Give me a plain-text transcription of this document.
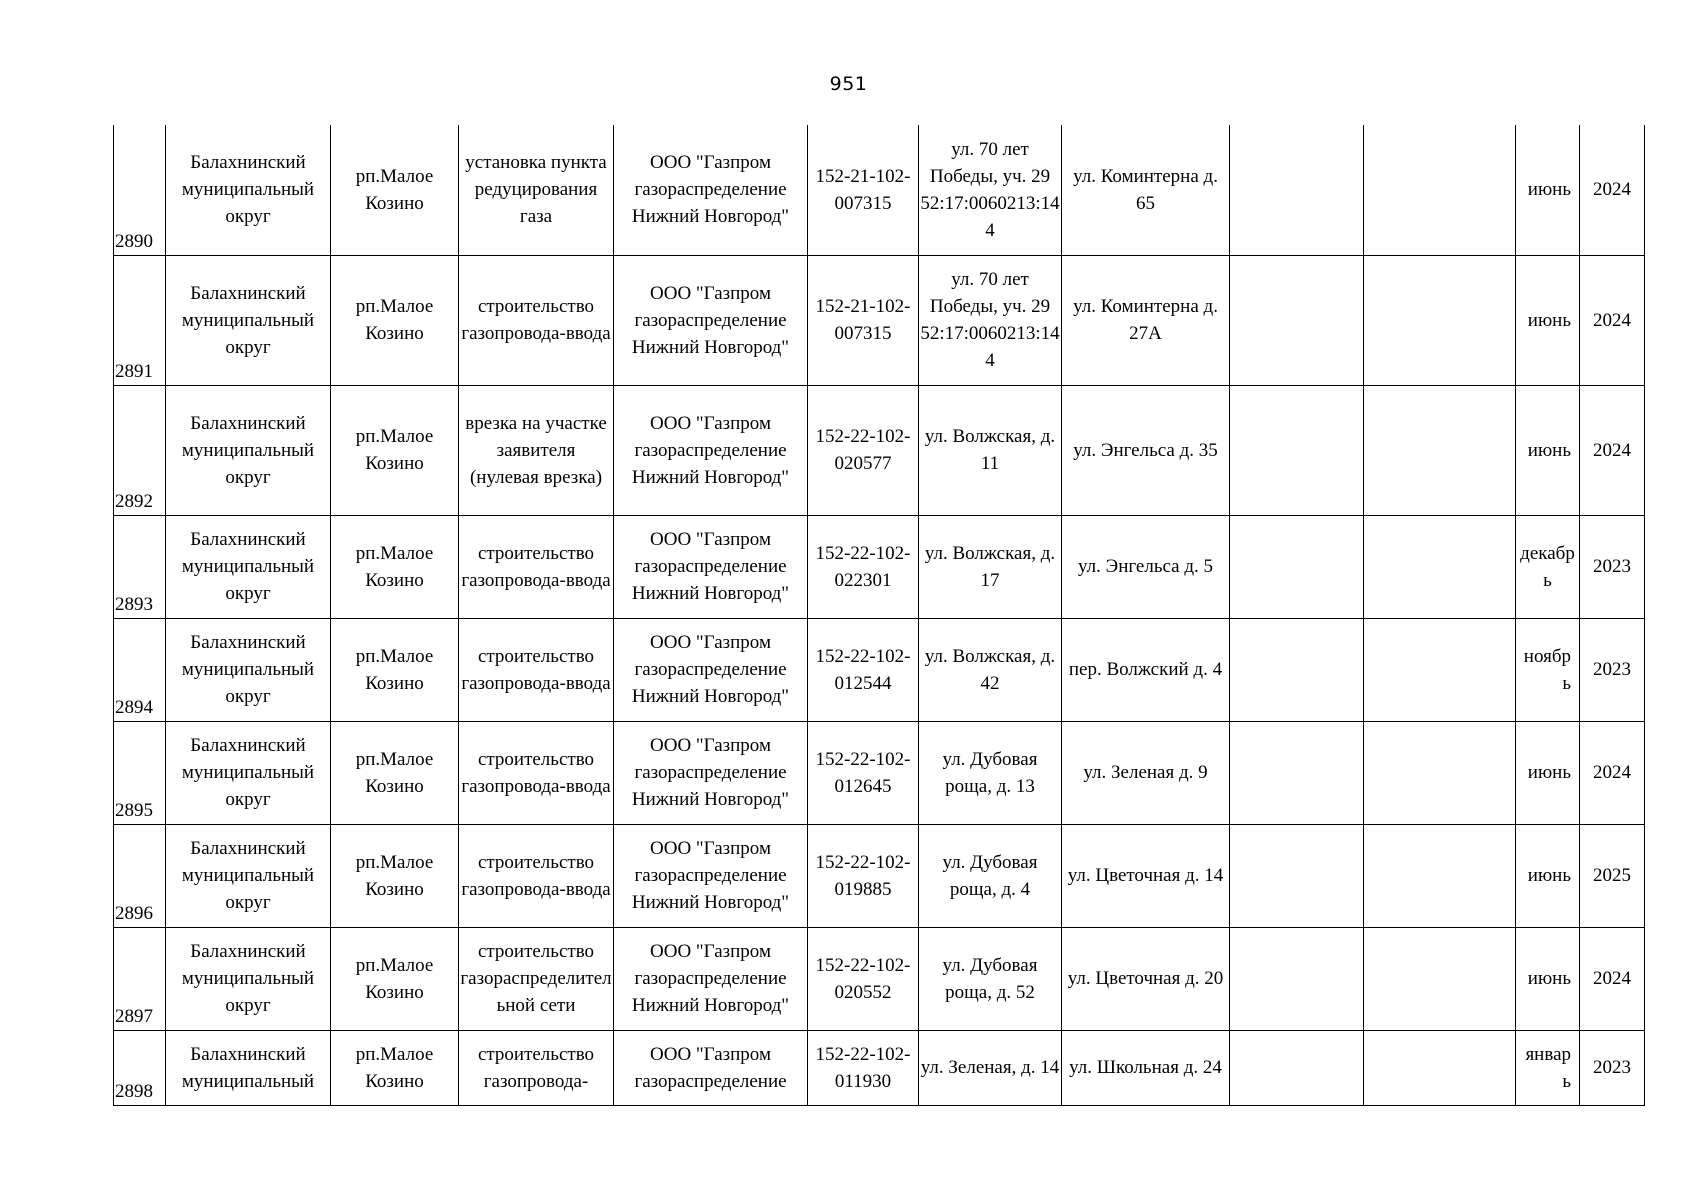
951
2890	Балахнинский муниципальный округ	рп.Малое Козино	установка пункта редуцирования газа	ООО "Газпром газораспределение Нижний Новгород"	152-21-102-007315	ул. 70 лет Победы, уч. 29 52:17:0060213:144	ул. Коминтерна д. 65			июнь	2024
2891	Балахнинский муниципальный округ	рп.Малое Козино	строительство газопровода-ввода	ООО "Газпром газораспределение Нижний Новгород"	152-21-102-007315	ул. 70 лет Победы, уч. 29 52:17:0060213:144	ул. Коминтерна д. 27А			июнь	2024
2892	Балахнинский муниципальный округ	рп.Малое Козино	врезка на участке заявителя (нулевая врезка)	ООО "Газпром газораспределение Нижний Новгород"	152-22-102-020577	ул. Волжская, д. 11	ул. Энгельса д. 35			июнь	2024
2893	Балахнинский муниципальный округ	рп.Малое Козино	строительство газопровода-ввода	ООО "Газпром газораспределение Нижний Новгород"	152-22-102-022301	ул. Волжская, д. 17	ул. Энгельса д. 5			декабрь	2023
2894	Балахнинский муниципальный округ	рп.Малое Козино	строительство газопровода-ввода	ООО "Газпром газораспределение Нижний Новгород"	152-22-102-012544	ул. Волжская, д. 42	пер. Волжский д. 4			ноябрь	2023
2895	Балахнинский муниципальный округ	рп.Малое Козино	строительство газопровода-ввода	ООО "Газпром газораспределение Нижний Новгород"	152-22-102-012645	ул. Дубовая роща, д. 13	ул. Зеленая д. 9			июнь	2024
2896	Балахнинский муниципальный округ	рп.Малое Козино	строительство газопровода-ввода	ООО "Газпром газораспределение Нижний Новгород"	152-22-102-019885	ул. Дубовая роща, д. 4	ул. Цветочная д. 14			июнь	2025
2897	Балахнинский муниципальный округ	рп.Малое Козино	строительство газораспределительной сети	ООО "Газпром газораспределение Нижний Новгород"	152-22-102-020552	ул. Дубовая роща, д. 52	ул. Цветочная д. 20			июнь	2024
2898	Балахнинский муниципальный	рп.Малое Козино	строительство газопровода-	ООО "Газпром газораспределение	152-22-102-011930	ул. Зеленая, д. 14	ул. Школьная д. 24			январь	2023
